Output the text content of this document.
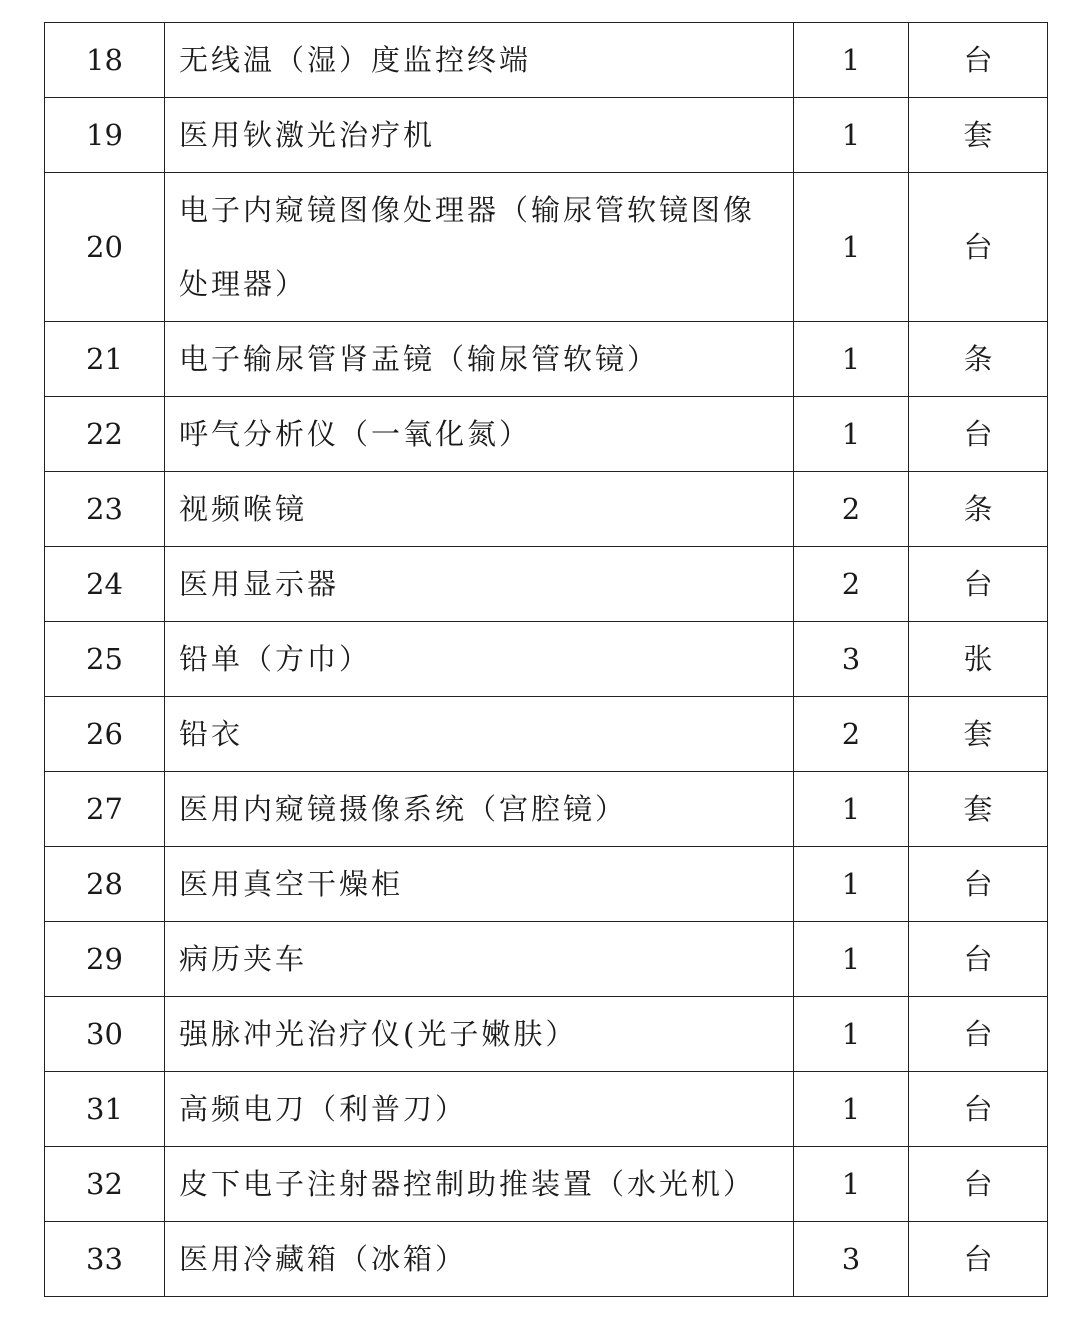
18	无线温（湿）度监控终端	1	台
19	医用钬激光治疗机	1	套
20	电子内窥镜图像处理器（输尿管软镜图像处理器）	1	台
21	电子输尿管肾盂镜（输尿管软镜）	1	条
22	呼气分析仪（一氧化氮）	1	台
23	视频喉镜	2	条
24	医用显示器	2	台
25	铅单（方巾）	3	张
26	铅衣	2	套
27	医用内窥镜摄像系统（宫腔镜）	1	套
28	医用真空干燥柜	1	台
29	病历夹车	1	台
30	强脉冲光治疗仪(光子嫩肤）	1	台
31	高频电刀（利普刀）	1	台
32	皮下电子注射器控制助推装置（水光机）	1	台
33	医用冷藏箱（冰箱）	3	台
